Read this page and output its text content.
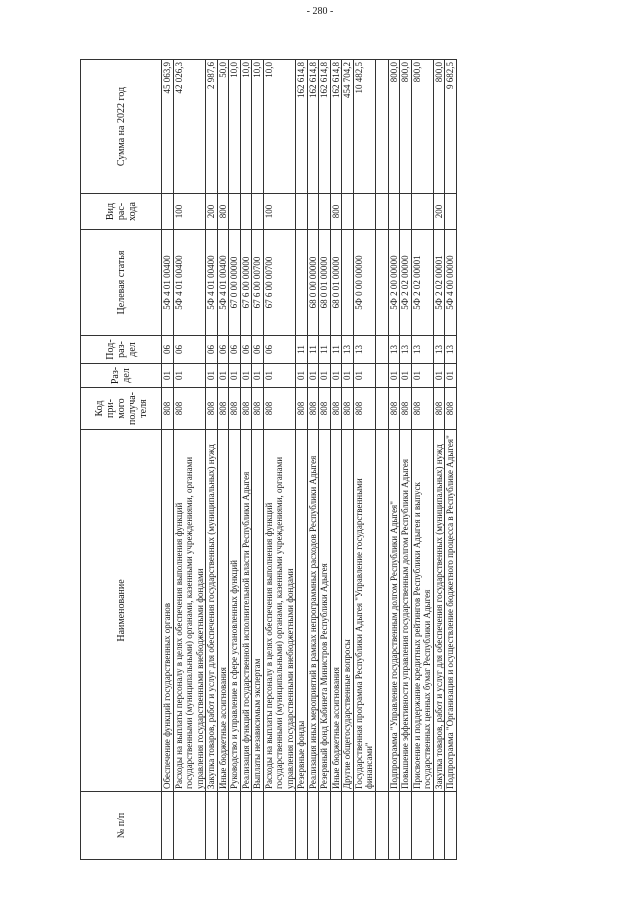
- 280 -
№ п/п	Наименование	Код при-мого получа-теля	Раз-дел	Под-раз-дел	Целевая статья	Вид рас-хода	Сумма на 2022 год
	Обеспечение функций государственных органов	808	01	06	5Ф 4 01 00400		45 063,9
	Расходы на выплаты персоналу в целях обеспечения выполнения функций государственными (муниципальными) органами, казенными учреждениями, органами управления государственными внебюджетными фондами	808	01	06	5Ф 4 01 00400	100	42 026,3
	Закупка товаров, работ и услуг для обеспечения государственных (муниципальных) нужд	808	01	06	5Ф 4 01 00400	200	2 987,6
	Иные бюджетные ассигнования	808	01	06	5Ф 4 01 00400	800	50,0
	Руководство и управление в сфере установленных функций	808	01	06	67 0 00 00000		10,0
	Реализация функций государственной исполнительной власти Республики Адыгея	808	01	06	67 6 00 00000		10,0
	Выплаты независимым экспертам	808	01	06	67 6 00 00700		10,0
	Расходы на выплаты персоналу в целях обеспечения выполнения функций государственными (муниципальными) органами, казенными учреждениями, органами управления государственными внебюджетными фондами	808	01	06	67 6 00 00700	100	10,0
	Резервные фонды	808	01	11			162 614,8
	Реализация иных мероприятий в рамках непрограммных расходов Республики Адыгея	808	01	11	68 0 00 00000		162 614,8
	Резервный фонд Кабинета Министров Республики Адыгея	808	01	11	68 0 01 00000		162 614,8
	Иные бюджетные ассигнования	808	01	11	68 0 01 00000	800	162 614,8
	Другие общегосударственные вопросы	808	01	13			454 704,2
	Государственная программа Республики Адыгея "Управление государственными финансами"	808	01	13	5Ф 0 00 00000		10 482,5

	Подпрограмма "Управление государственным долгом Республики Адыгея"	808	01	13	5Ф 2 00 00000		800,0
	Повышение эффективности управления государственным долгом Республики Адыгея	808	01	13	5Ф 2 02 00000		800,0
	Присвоение и поддержание кредитных рейтингов Республики Адыгея и выпуск государственных ценных бумаг Республики Адыгея	808	01	13	5Ф 2 02 00001		800,0
	Закупка товаров, работ и услуг для обеспечения государственных (муниципальных) нужд	808	01	13	5Ф 2 02 00001	200	800,0
	Подпрограмма "Организация и осуществление бюджетного процесса в Республике Адыгея"	808	01	13	5Ф 4 00 00000		9 682,5
